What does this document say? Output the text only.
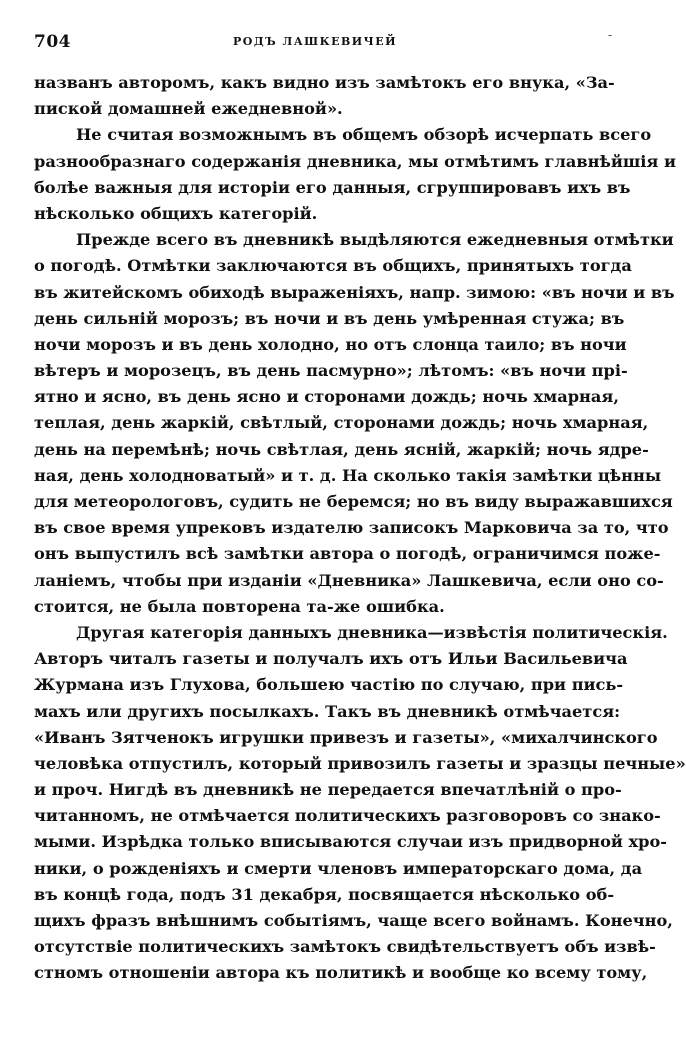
704	РОДЪ ЛАШКЕВИЧЕЙ	-
названъ авторомъ, какъ видно изъ замѣтокъ его внука, «За-
пиской домашней ежедневной».
Не считая возможнымъ въ общемъ обзорѣ исчерпать всего
разнообразнаго содержанія дневника, мы отмѣтимъ главнѣйшія и
болѣе важныя для исторіи его данныя, сгруппировавъ ихъ въ
нѣсколько общихъ категорій.
Прежде всего въ дневникѣ выдѣляются ежедневныя отмѣтки
о погодѣ. Отмѣтки заключаются въ общихъ, принятыхъ тогда
въ житейскомъ обиходѣ выраженіяхъ, напр. зимою: «въ ночи и въ
день сильній морозъ; въ ночи и въ день умѣренная стужа; въ
ночи морозъ и въ день холодно, но отъ слонца таило; въ ночи
вѣтеръ и морозецъ, въ день пасмурно»; лѣтомъ: «въ ночи прі-
ятно и ясно, въ день ясно и сторонами дождь; ночь хмарная,
теплая, день жаркій, свѣтлый, сторонами дождь; ночь хмарная,
день на перемѣнѣ; ночь свѣтлая, день ясній, жаркій; ночь ядре-
ная, день холодноватый» и т. д. На сколько такія замѣтки цѣнны
для метеорологовъ, судить не беремся; но въ виду выражавшихся
въ свое время упрековъ издателю записокъ Марковича за то, что
онъ выпустилъ всѣ замѣтки автора о погодѣ, ограничимся поже-
ланіемъ, чтобы при изданіи «Дневника» Лашкевича, если оно со-
стоится, не была повторена та-же ошибка.
Другая категорія данныхъ дневника—извѣстія политическія.
Авторъ читалъ газеты и получалъ ихъ отъ Ильи Васильевича
Журмана изъ Глухова, большею частію по случаю, при пись-
махъ или другихъ посылкахъ. Такъ въ дневникѣ отмѣчается:
«Иванъ Зятченокъ игрушки привезъ и газеты», «михалчинского
человѣка отпустилъ, который привозилъ газеты и зразцы печные»
и проч. Нигдѣ въ дневникѣ не передается впечатлѣній о про-
читанномъ, не отмѣчается политическихъ разговоровъ со знако-
мыми. Изрѣдка только вписываются случаи изъ придворной хро-
ники, о рожденіяхъ и смерти членовъ императорскаго дома, да
въ концѣ года, подъ 31 декабря, посвящается нѣсколько об-
щихъ фразъ внѣшнимъ событіямъ, чаще всего войнамъ. Конечно,
отсутствіе политическихъ замѣтокъ свидѣтельствуетъ объ извѣ-
стномъ отношеніи автора къ политикѣ и вообще ко всему тому,
